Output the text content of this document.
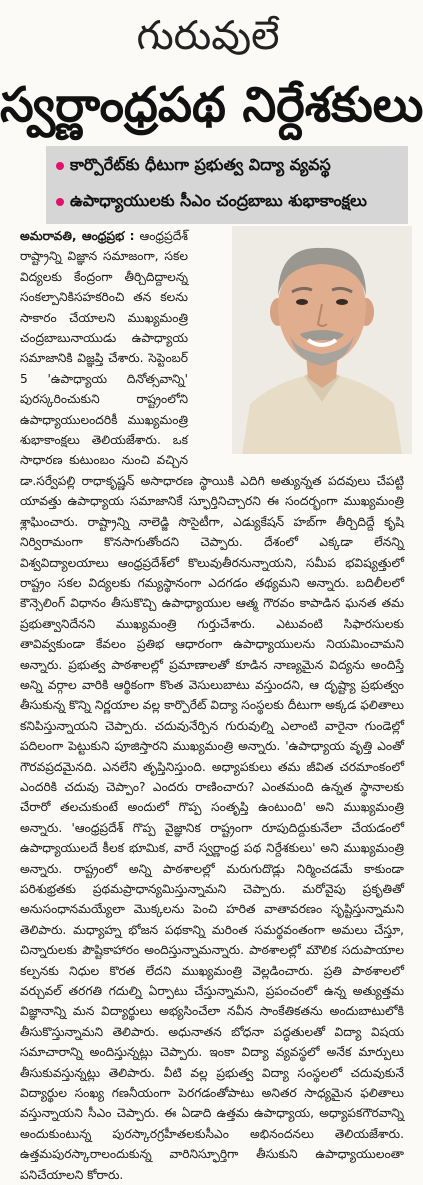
గురువులే
స్వర్ణాంధ్రపథ నిర్దేశకులు
కార్పొరేట్‌కు ధీటుగా ప్రభుత్వ విద్యా వ్యవస్థ
ఉపాధ్యాయులకు సీఎం చంద్రబాబు శుభాకాంక్షలు

అమరావతి, ఆంధ్రప్రభ : ఆంధ్రప్రదేశ్ రాష్ట్రాన్ని విజ్ఞాన సమాజంగా, సకల విద్యలకు కేంద్రంగా తీర్చిదిద్దాలన్న సంకల్పానికిసహకరించి తన కలను సాకారం చేయాలని ముఖ్యమంత్రి చంద్రబాబునాయుడు ఉపాధ్యాయ సమాజానికి విజ్ఞప్తి చేశారు. సెప్టెంబర్ 5 'ఉపాధ్యాయ దినోత్సవాన్ని' పురస్కరించుకుని రాష్ట్రంలోని ఉపాధ్యాయులందరికీ ముఖ్యమంత్రి శుభాకాంక్షలు తెలియజేశారు. ఒక సాధారణ కుటుంబం నుంచి వచ్చిన డా.సర్వేపల్లి రాధాకృష్ణన్ అసాధారణ స్థాయికి ఎదిగి అత్యున్నత పదవులు చేపట్టి యావత్తు ఉపాధ్యాయ సమాజానికే స్ఫూర్తినిచ్చారని ఈ సందర్భంగా ముఖ్యమంత్రి శ్లాఘించారు. రాష్ట్రాన్ని నాలెడ్జి సొసైటీగా, ఎడ్యుకేషన్ హబ్‌గా తీర్చిదిద్దే కృషి నిర్విరామంగా కొనసాగుతోందని చెప్పారు. దేశంలో ఎక్కడా లేనన్ని విశ్వవిద్యాలయాలు ఆంధ్రప్రదేశ్‌లో కొలువుతీరనున్నాయని, సమీప భవిష్యత్తులో రాష్ట్రం సకల విద్యలకు గమ్యస్థానంగా ఎదగడం తథ్యమని అన్నారు. బదిలీలలో కౌన్సెలింగ్ విధానం తీసుకొచ్చి ఉపాధ్యాయుల ఆత్మ గౌరవం కాపాడిన ఘనత తమ ప్రభుత్వానిదేనని ముఖ్యమంత్రి గుర్తుచేశారు. ఎటువంటి సిఫారసులకు తావివ్వకుండా కేవలం ప్రతిభ ఆధారంగా ఉపాధ్యాయులను నియమించామని అన్నారు. ప్రభుత్వ పాఠశాలల్లో ప్రమాణాలతో కూడిన నాణ్యమైన విద్యను అందిస్తే అన్ని వర్గాల వారికి ఆర్థికంగా కొంత వెసులుబాటు వస్తుందని, ఆ దృష్ట్యా ప్రభుత్వం తీసుకున్న కొన్ని నిర్ణయాల వల్ల కార్పొరేట్ విద్యా సంస్థలకు దీటుగా అక్కడ ఫలితాలు కనిపిస్తున్నాయని చెప్పారు. చదువునేర్పిన గురువుల్ని ఎలాంటి వారైనా గుండెల్లో పదిలంగా పెట్టుకుని పూజిస్తారని ముఖ్యమంత్రి అన్నారు. 'ఉపాధ్యాయ వృత్తి ఎంతో గౌరవప్రదమైనది. ఎనలేని తృప్తినిస్తుంది. అధ్యాపకులు తమ జీవిత చరమాంకంలో ఎందరికి చదువు చెప్పాం? ఎందరు రాణించారు? ఎంతమంది ఉన్నత స్థానాలకు చేరారో తలచుకుంటే అందులో గొప్ప సంతృప్తి ఉంటుంది' అని ముఖ్యమంత్రి అన్నారు. 'ఆంధ్రప్రదేశ్ గొప్ప వైజ్ఞానిక రాష్ట్రంగా రూపుదిద్దుకునేలా చేయడంలో ఉపాధ్యాయులదే కీలక భూమిక, వారే స్వర్ణాంధ్ర పథ నిర్దేశకులు' అని ముఖ్యమంత్రి అన్నారు. రాష్ట్రంలో అన్ని పాఠశాలల్లో మరుగుదొడ్లు నిర్మించడమే కాకుండా పరిశుభ్రతకు ప్రథమప్రాధాన్యమిస్తున్నామని చెప్పారు. మరోవైపు ప్రకృతితో అనుసంధానమయ్యేలా మొక్కలను పెంచి హరిత వాతావరణం సృష్టిస్తున్నామని తెలిపారు. మధ్యాహ్న భోజన పథకాన్ని మరింత సమర్థవంతంగా అమలు చేస్తూ, చిన్నారులకు పౌష్టికాహారం అందిస్తున్నామన్నారు. పాఠశాలల్లో మౌలిక సదుపాయాల కల్పనకు నిధుల కొరత లేదని ముఖ్యమంత్రి వెల్లడించారు. ప్రతి పాఠశాలలో వర్చువల్ తరగతి గదుల్ని ఏర్పాటు చేస్తున్నామని, ప్రపంచంలో ఉన్న అత్యుత్తమ విజ్ఞానాన్ని మన విద్యార్థులు అభ్యసించేలా నవీన సాంకేతికతను అందుబాటులోకి తీసుకొస్తున్నామని తెలిపారు. అధునాతన బోధనా పద్ధతులతో విద్యా విషయ సమాచారాన్ని అందిస్తున్నట్లు చెప్పారు. ఇంకా విద్యా వ్యవస్థలో అనేక మార్పులు తీసుకువస్తున్నట్లు తెలిపారు. వీటి వల్ల ప్రభుత్వ విద్యా సంస్థలలో చదువుకునే విద్యార్థుల సంఖ్య గణనీయంగా పెరగడంతోపాటు అనితర సాధ్యమైన ఫలితాలు వస్తున్నాయని సీఎం చెప్పారు. ఈ ఏడాది ఉత్తమ ఉపాధ్యాయ, అధ్యాపకగౌరవాన్ని అందుకుంటున్న పురస్కారగ్రహీతలకుసీఎం అభినందనలు తెలియజేశారు. ఉత్తమపురస్కారాలందుకున్న వారినిస్ఫూర్తిగా తీసుకుని ఉపాధ్యాయులంతా పనిచేయాలని కోరారు.
